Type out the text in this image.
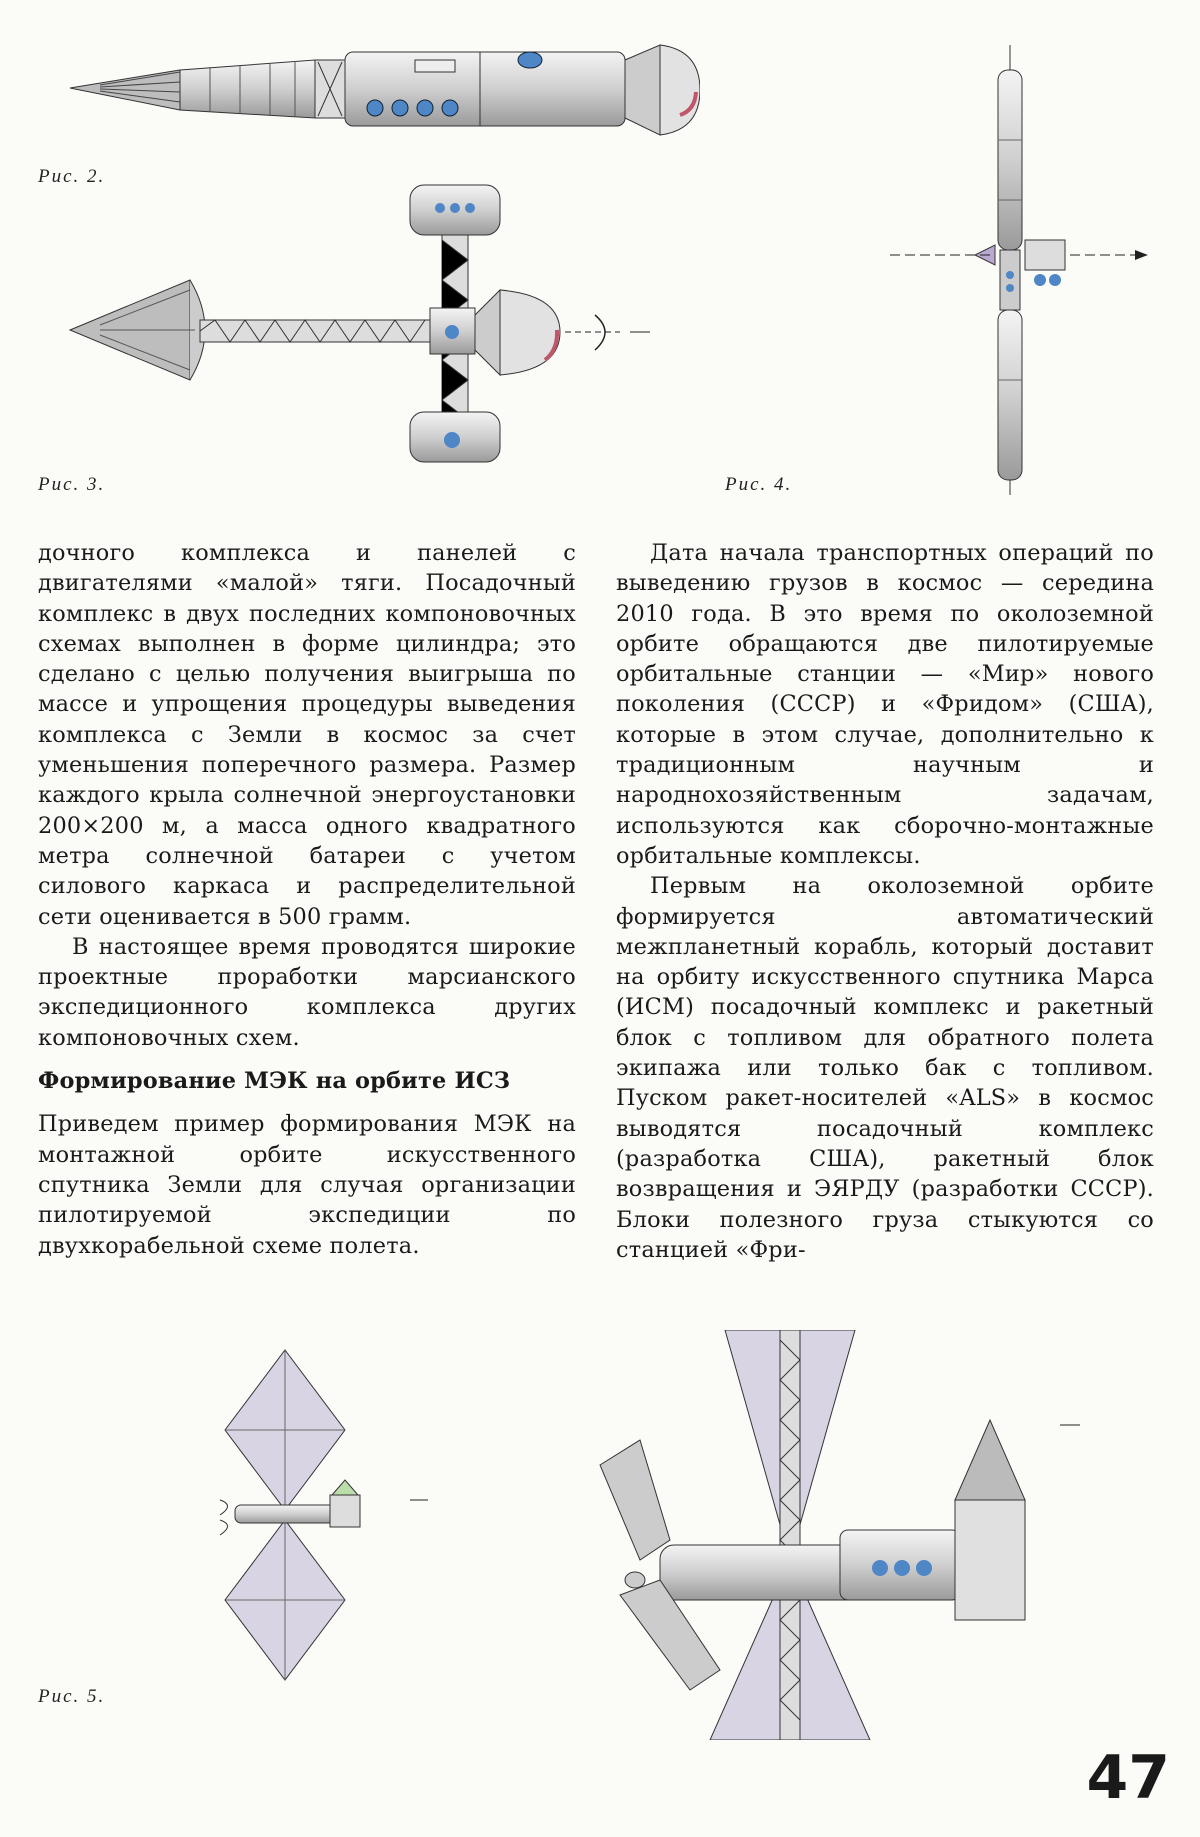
Рис. 2.
Рис. 3.	Рис. 4.

дочного комплекса и панелей с двигателями «малой» тяги. Посадочный комплекс в двух последних компоновочных схемах выполнен в форме цилиндра; это сделано с целью получения выигрыша по массе и упрощения процедуры выведения комплекса с Земли в космос за счет уменьшения поперечного размера. Размер каждого крыла солнечной энергоустановки 200×200 м, а масса одного квадратного метра солнечной батареи с учетом силового каркаса и распределительной сети оценивается в 500 грамм.

В настоящее время проводятся широкие проектные проработки марсианского экспедиционного комплекса других компоновочных схем.

Формирование МЭК на орбите ИСЗ

Приведем пример формирования МЭК на монтажной орбите искусственного спутника Земли для случая организации пилотируемой экспедиции по двухкорабельной схеме полета.

Дата начала транспортных операций по выведению грузов в космос — середина 2010 года. В это время по околоземной орбите обращаются две пилотируемые орбитальные станции — «Мир» нового поколения (СССР) и «Фридом» (США), которые в этом случае, дополнительно к традиционным научным и народнохозяйственным задачам, используются как сборочно-монтажные орбитальные комплексы.

Первым на околоземной орбите формируется автоматический межпланетный корабль, который доставит на орбиту искусственного спутника Марса (ИСМ) посадочный комплекс и ракетный блок с топливом для обратного полета экипажа или только бак с топливом. Пуском ракет-носителей «ALS» в космос выводятся посадочный комплекс (разработка США), ракетный блок возвращения и ЭЯРДУ (разработки СССР). Блоки полезного груза стыкуются со станцией «Фри-

Рис. 5.
47
